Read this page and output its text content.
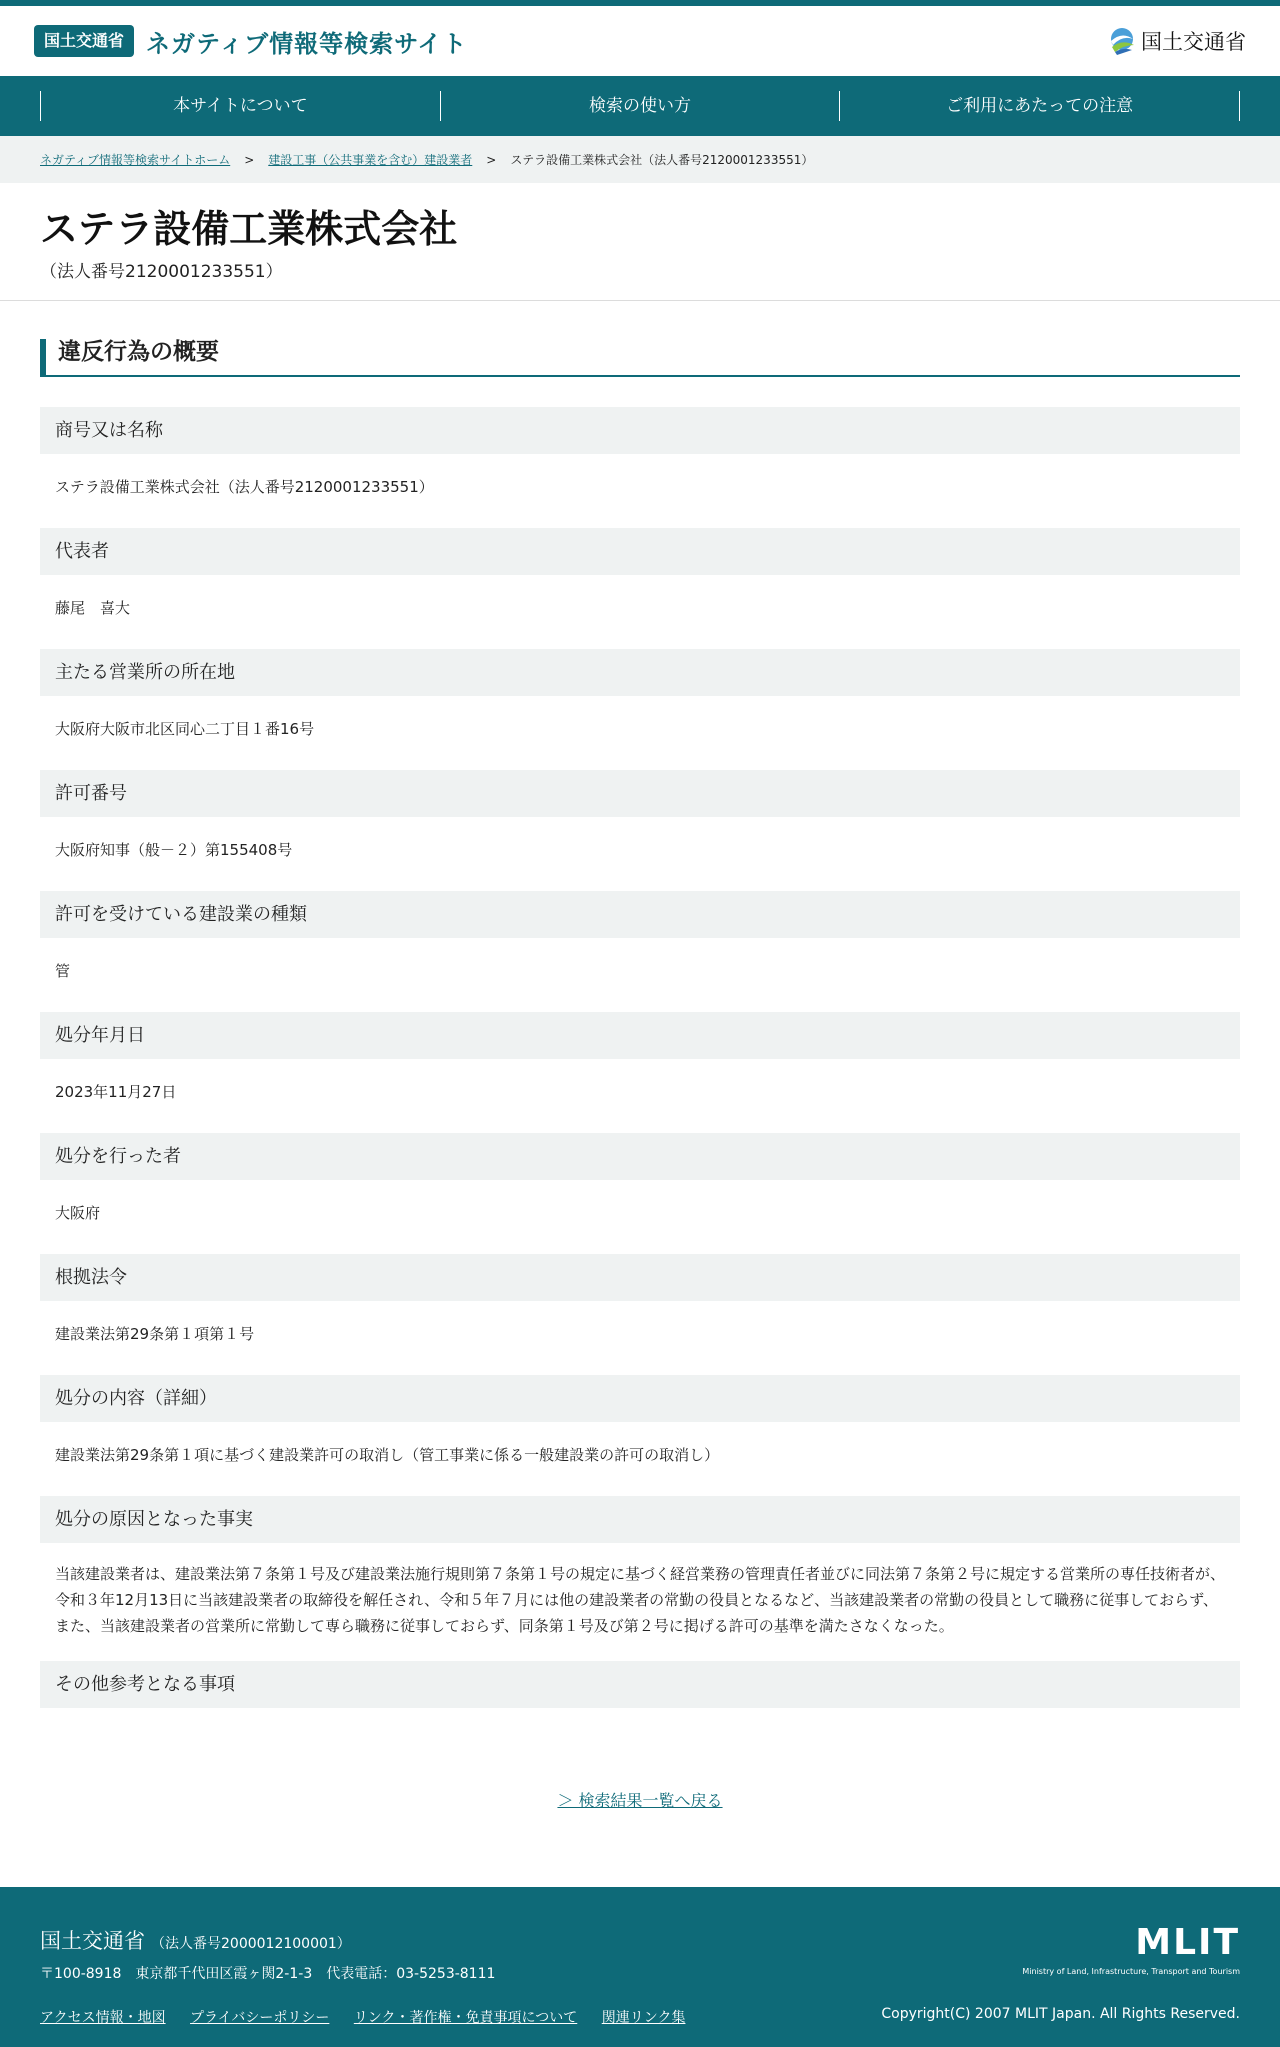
国土交通省 ネガティブ情報等検索サイト	国土交通省
本サイトについて	検索の使い方	ご利用にあたっての注意
ネガティブ情報等検索サイトホーム > 建設工事（公共事業を含む）建設業者 > ステラ設備工業株式会社（法人番号2120001233551）
ステラ設備工業株式会社
（法人番号2120001233551）
違反行為の概要
商号又は名称
ステラ設備工業株式会社（法人番号2120001233551）
代表者
藤尾　喜大
主たる営業所の所在地
大阪府大阪市北区同心二丁目１番16号
許可番号
大阪府知事（般－２）第155408号
許可を受けている建設業の種類
管
処分年月日
2023年11月27日
処分を行った者
大阪府
根拠法令
建設業法第29条第１項第１号
処分の内容（詳細）
建設業法第29条第１項に基づく建設業許可の取消し（管工事業に係る一般建設業の許可の取消し）
処分の原因となった事実
当該建設業者は、建設業法第７条第１号及び建設業法施行規則第７条第１号の規定に基づく経営業務の管理責任者並びに同法第７条第２号に規定する営業所の専任技術者が、令和３年12月13日に当該建設業者の取締役を解任され、令和５年７月には他の建設業者の常勤の役員となるなど、当該建設業者の常勤の役員として職務に従事しておらず、また、当該建設業者の営業所に常勤して専ら職務に従事しておらず、同条第１号及び第２号に掲げる許可の基準を満たさなくなった。
その他参考となる事項
＞ 検索結果一覧へ戻る
国土交通省 （法人番号2000012100001）
〒100-8918　東京都千代田区霞ヶ関2-1-3　代表電話：03-5253-8111
アクセス情報・地図 プライバシーポリシー リンク・著作権・免責事項について 関連リンク集
MLIT
Ministry of Land, Infrastructure, Transport and Tourism
Copyright(C) 2007 MLIT Japan. All Rights Reserved.
